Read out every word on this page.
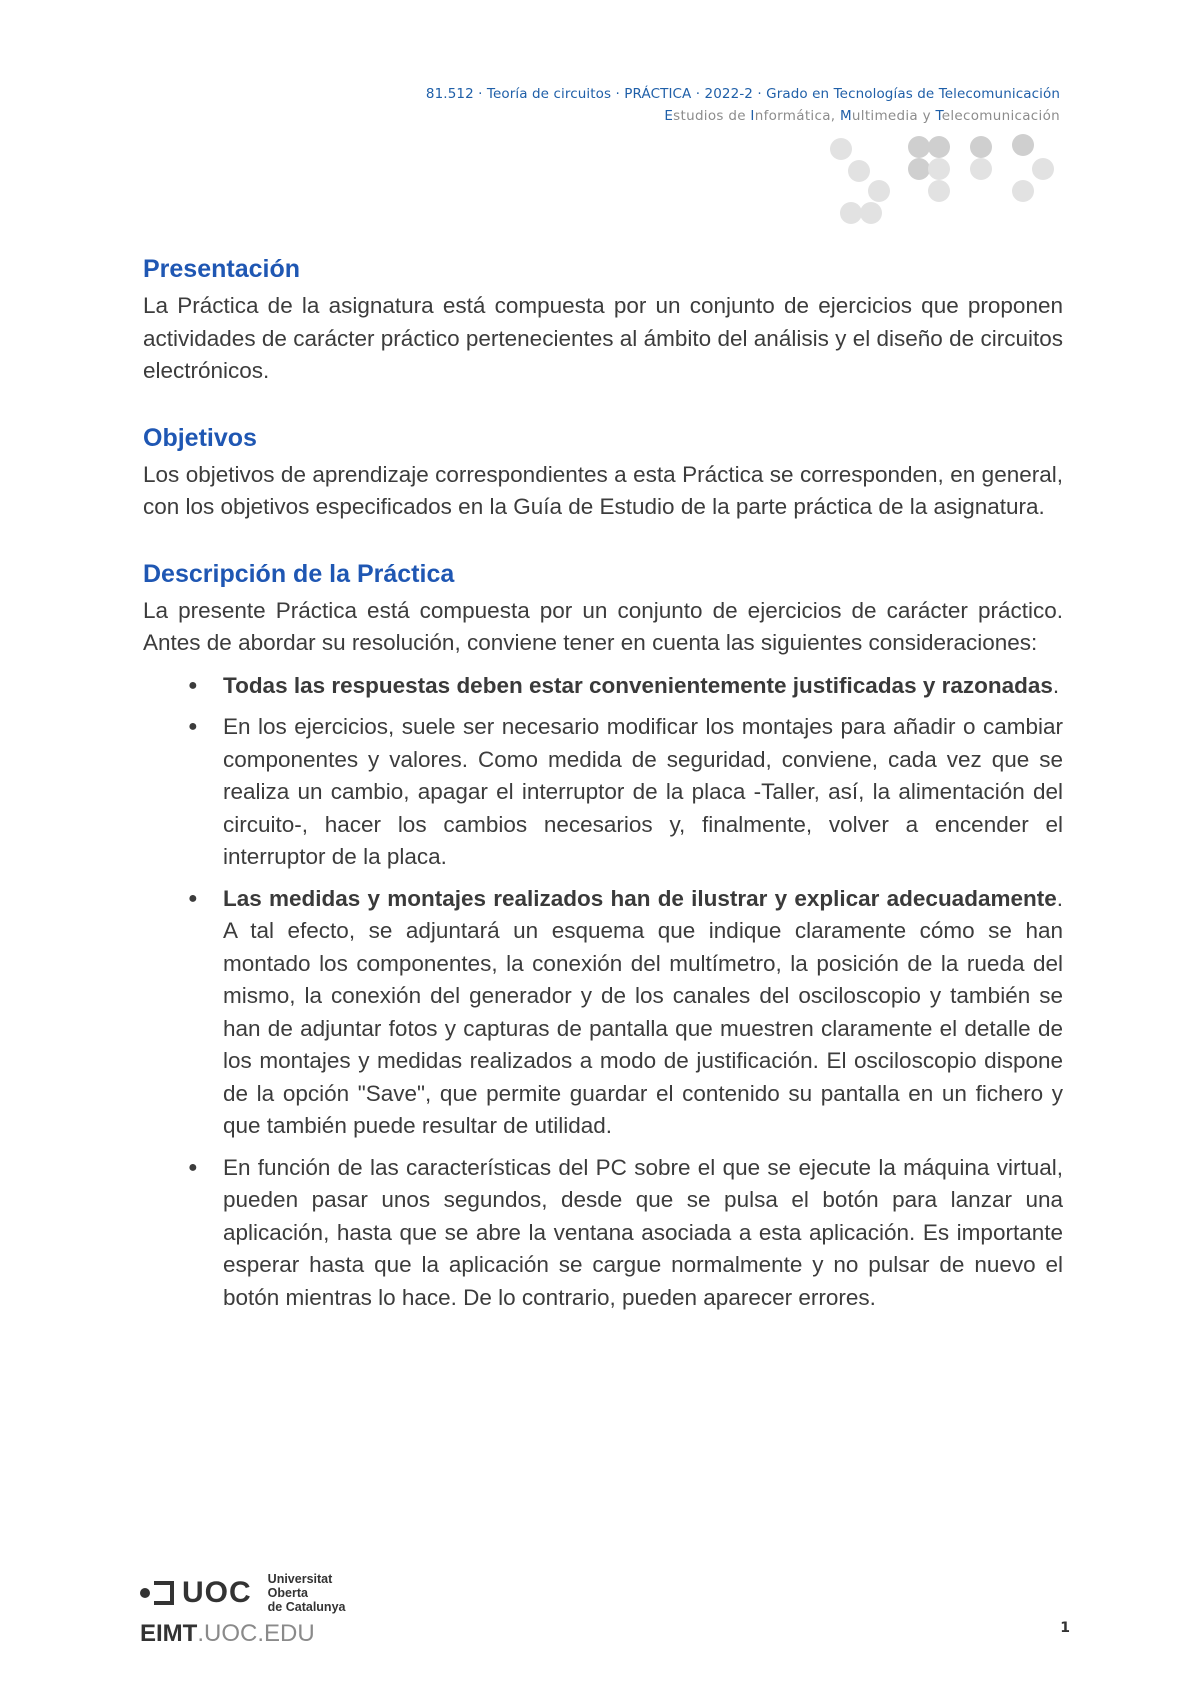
81.512 · Teoría de circuitos · PRÁCTICA · 2022-2 · Grado en Tecnologías de Telecomunicación
Estudios de Informática, Multimedia y Telecomunicación
Presentación

La Práctica de la asignatura está compuesta por un conjunto de ejercicios que proponen actividades de carácter práctico pertenecientes al ámbito del análisis y el diseño de circuitos electrónicos.

Objetivos

Los objetivos de aprendizaje correspondientes a esta Práctica se corresponden, en general, con los objetivos especificados en la Guía de Estudio de la parte práctica de la asignatura.

Descripción de la Práctica

La presente Práctica está compuesta por un conjunto de ejercicios de carácter práctico. Antes de abordar su resolución, conviene tener en cuenta las siguientes consideraciones:

● Todas las respuestas deben estar convenientemente justificadas y razonadas.
● En los ejercicios, suele ser necesario modificar los montajes para añadir o cambiar componentes y valores. Como medida de seguridad, conviene, cada vez que se realiza un cambio, apagar el interruptor de la placa -Taller, así, la alimentación del circuito-, hacer los cambios necesarios y, finalmente, volver a encender el interruptor de la placa.
● Las medidas y montajes realizados han de ilustrar y explicar adecuadamente. A tal efecto, se adjuntará un esquema que indique claramente cómo se han montado los componentes, la conexión del multímetro, la posición de la rueda del mismo, la conexión del generador y de los canales del osciloscopio y también se han de adjuntar fotos y capturas de pantalla que muestren claramente el detalle de los montajes y medidas realizados a modo de justificación. El osciloscopio dispone de la opción "Save", que permite guardar el contenido su pantalla en un fichero y que también puede resultar de utilidad.
● En función de las características del PC sobre el que se ejecute la máquina virtual, pueden pasar unos segundos, desde que se pulsa el botón para lanzar una aplicación, hasta que se abre la ventana asociada a esta aplicación. Es importante esperar hasta que la aplicación se cargue normalmente y no pulsar de nuevo el botón mientras lo hace. De lo contrario, pueden aparecer errores.
UOC Universitat Oberta
de Catalunya
EIMT.UOC.EDU	1
